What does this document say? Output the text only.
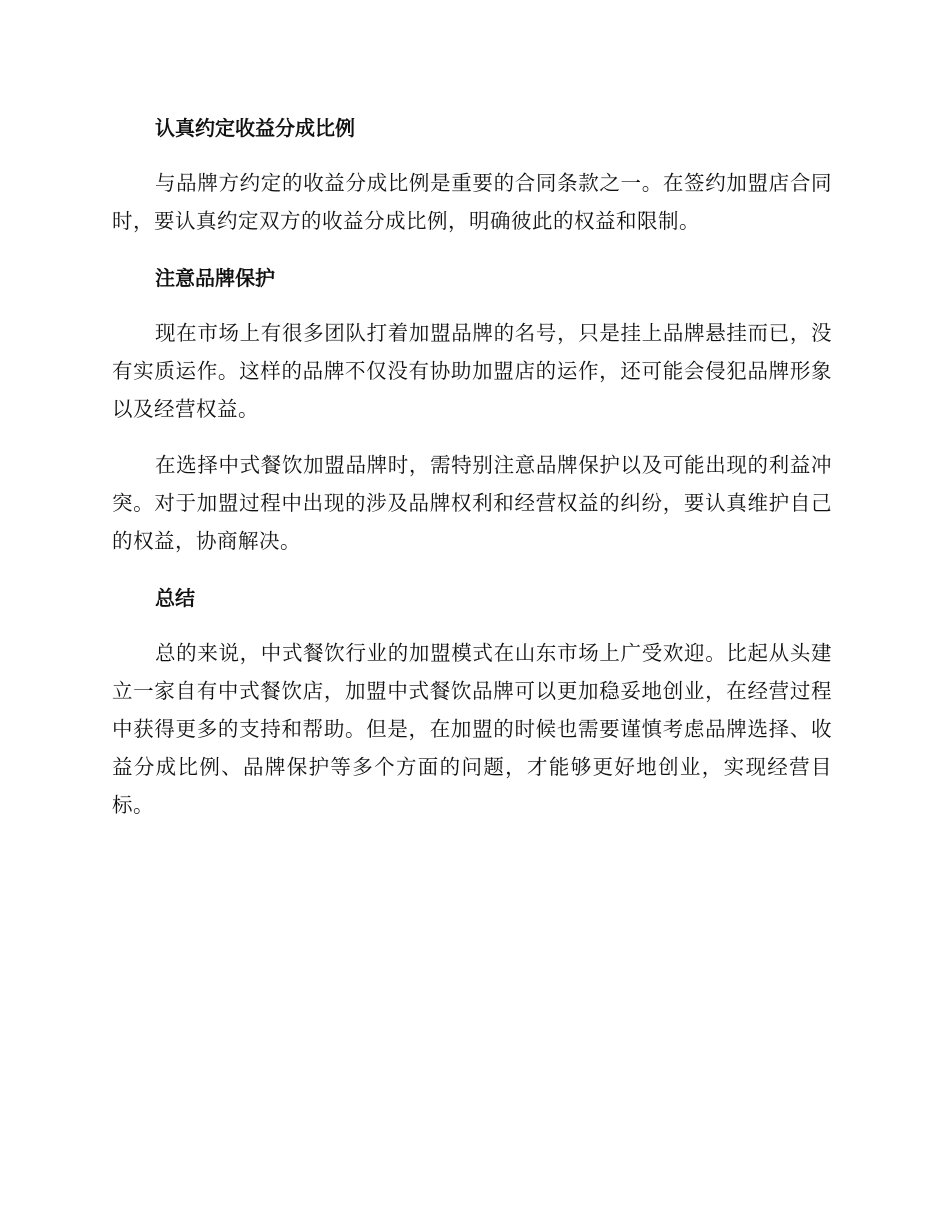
认真约定收益分成比例

与品牌方约定的收益分成比例是重要的合同条款之一。在签约加盟店合同时，要认真约定双方的收益分成比例，明确彼此的权益和限制。

注意品牌保护

现在市场上有很多团队打着加盟品牌的名号，只是挂上品牌悬挂而已，没有实质运作。这样的品牌不仅没有协助加盟店的运作，还可能会侵犯品牌形象以及经营权益。

在选择中式餐饮加盟品牌时，需特别注意品牌保护以及可能出现的利益冲突。对于加盟过程中出现的涉及品牌权利和经营权益的纠纷，要认真维护自己的权益，协商解决。

总结

总的来说，中式餐饮行业的加盟模式在山东市场上广受欢迎。比起从头建立一家自有中式餐饮店，加盟中式餐饮品牌可以更加稳妥地创业，在经营过程中获得更多的支持和帮助。但是，在加盟的时候也需要谨慎考虑品牌选择、收益分成比例、品牌保护等多个方面的问题，才能够更好地创业，实现经营目标。
